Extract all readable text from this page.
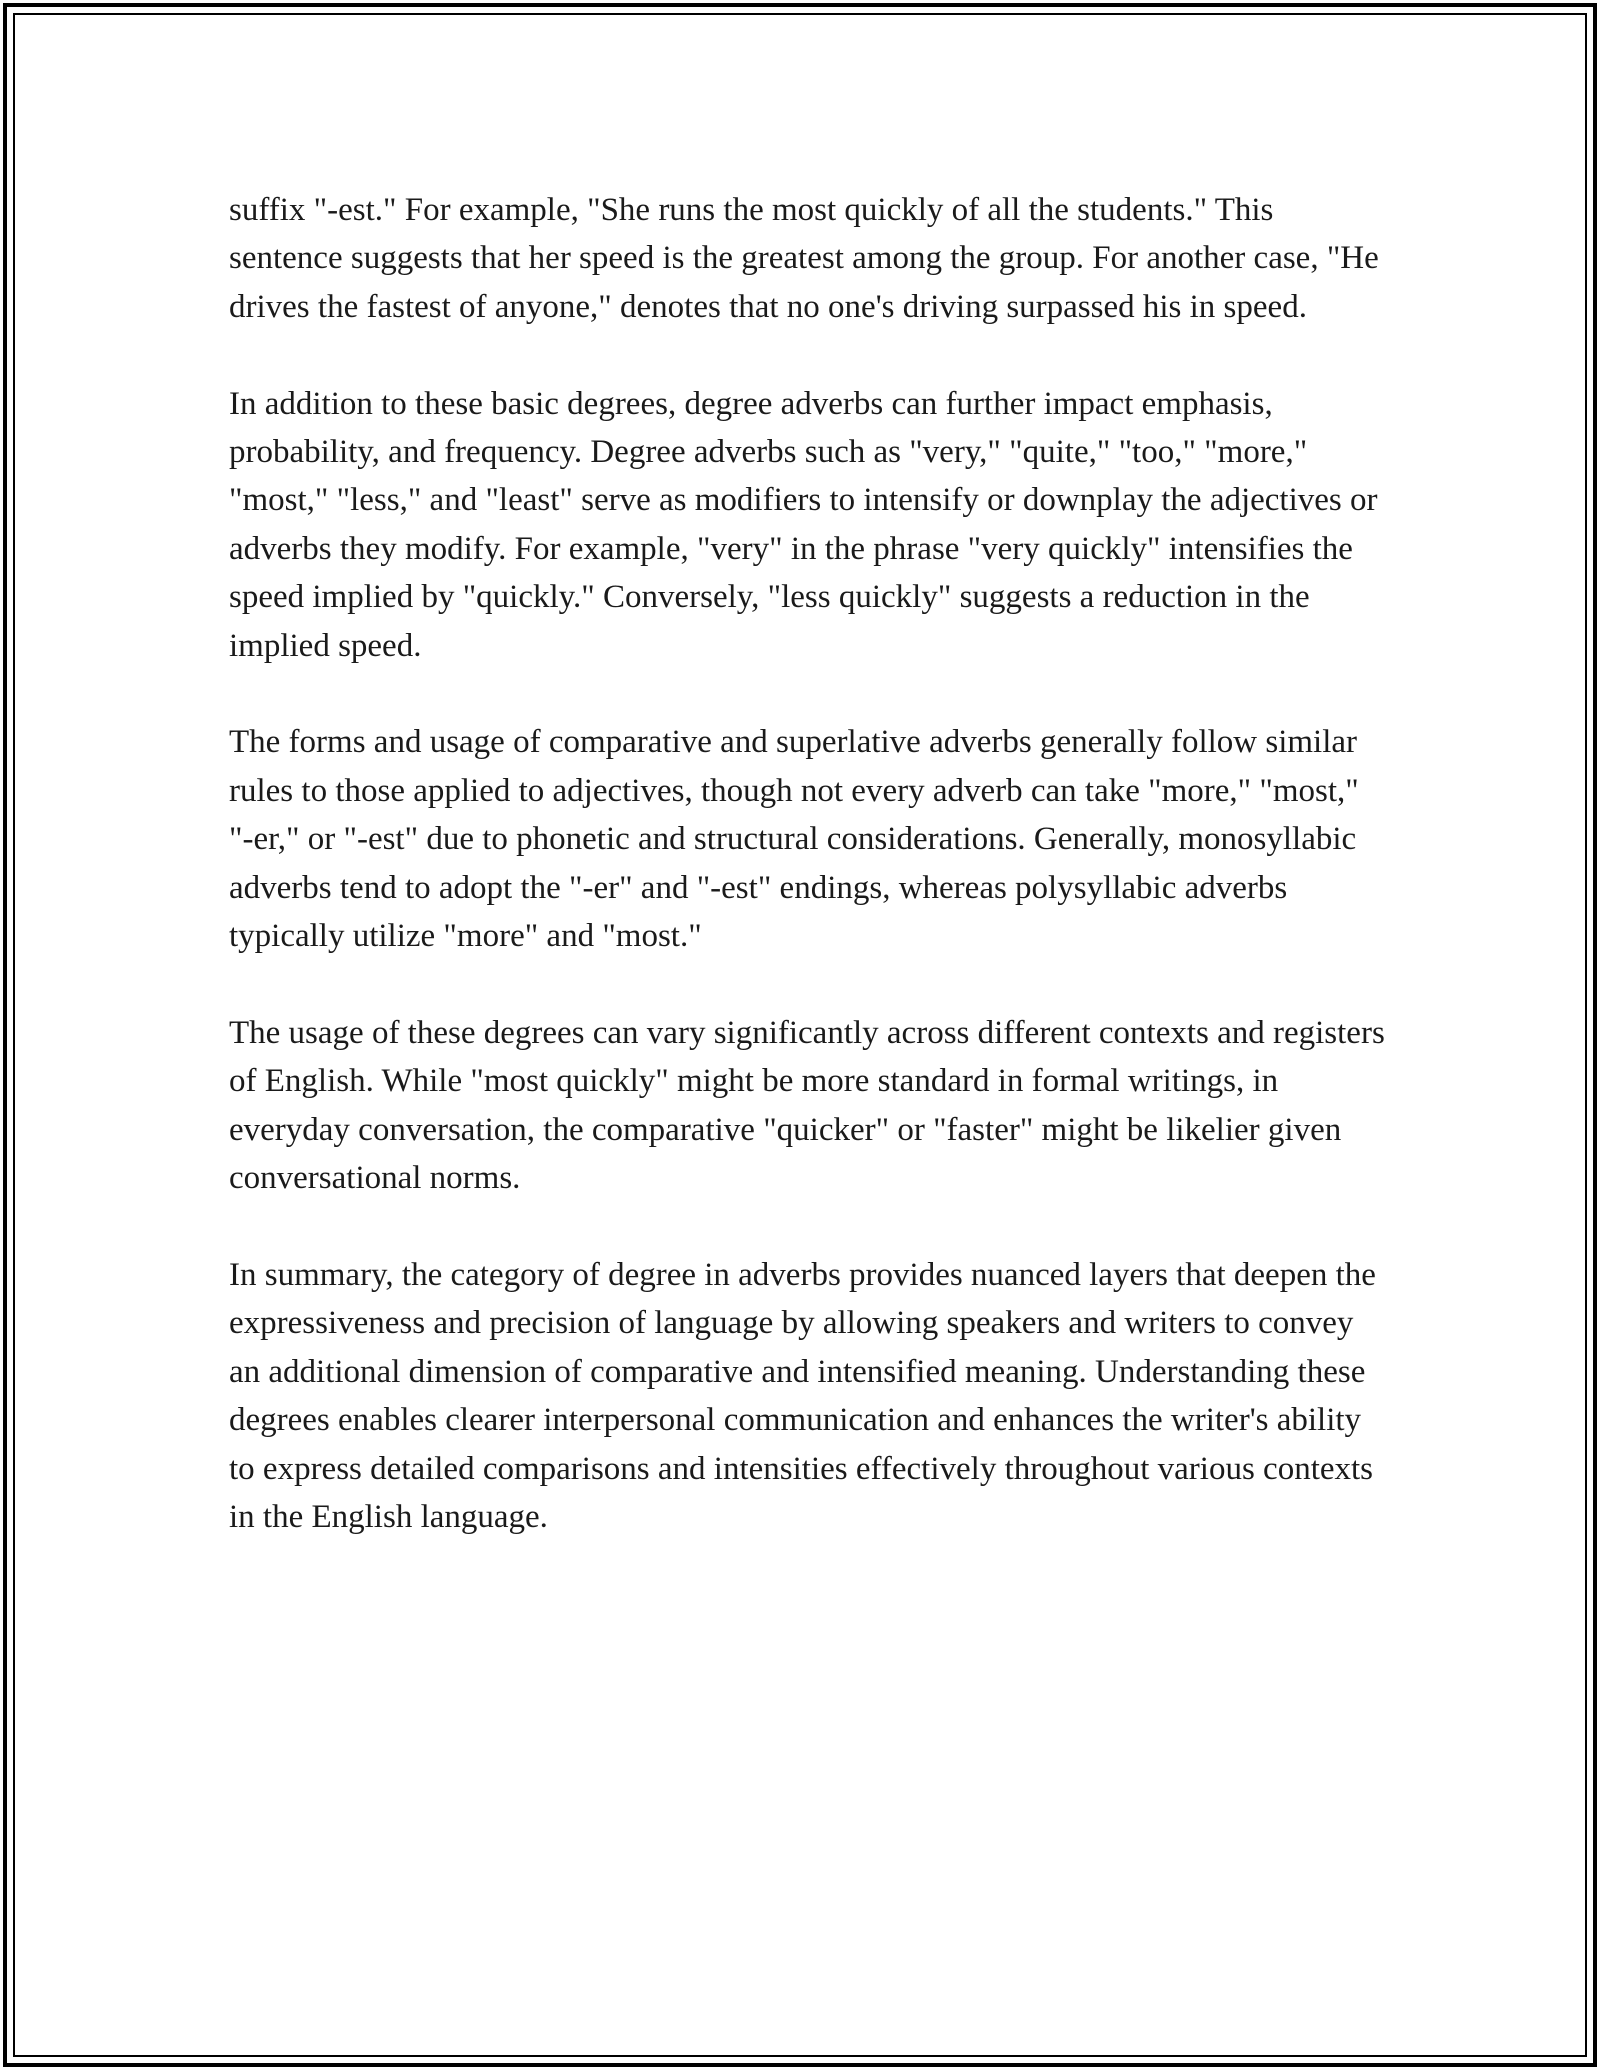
suffix "-est." For example, "She runs the most quickly of all the students." This sentence suggests that her speed is the greatest among the group. For another case, "He drives the fastest of anyone," denotes that no one's driving surpassed his in speed.

In addition to these basic degrees, degree adverbs can further impact emphasis, probability, and frequency. Degree adverbs such as "very," "quite," "too," "more," "most," "less," and "least" serve as modifiers to intensify or downplay the adjectives or adverbs they modify. For example, "very" in the phrase "very quickly" intensifies the speed implied by "quickly." Conversely, "less quickly" suggests a reduction in the implied speed.

The forms and usage of comparative and superlative adverbs generally follow similar rules to those applied to adjectives, though not every adverb can take "more," "most," "-er," or "-est" due to phonetic and structural considerations. Generally, monosyllabic adverbs tend to adopt the "-er" and "-est" endings, whereas polysyllabic adverbs typically utilize "more" and "most."

The usage of these degrees can vary significantly across different contexts and registers of English. While "most quickly" might be more standard in formal writings, in everyday conversation, the comparative "quicker" or "faster" might be likelier given conversational norms.

In summary, the category of degree in adverbs provides nuanced layers that deepen the expressiveness and precision of language by allowing speakers and writers to convey an additional dimension of comparative and intensified meaning. Understanding these degrees enables clearer interpersonal communication and enhances the writer's ability to express detailed comparisons and intensities effectively throughout various contexts in the English language.
